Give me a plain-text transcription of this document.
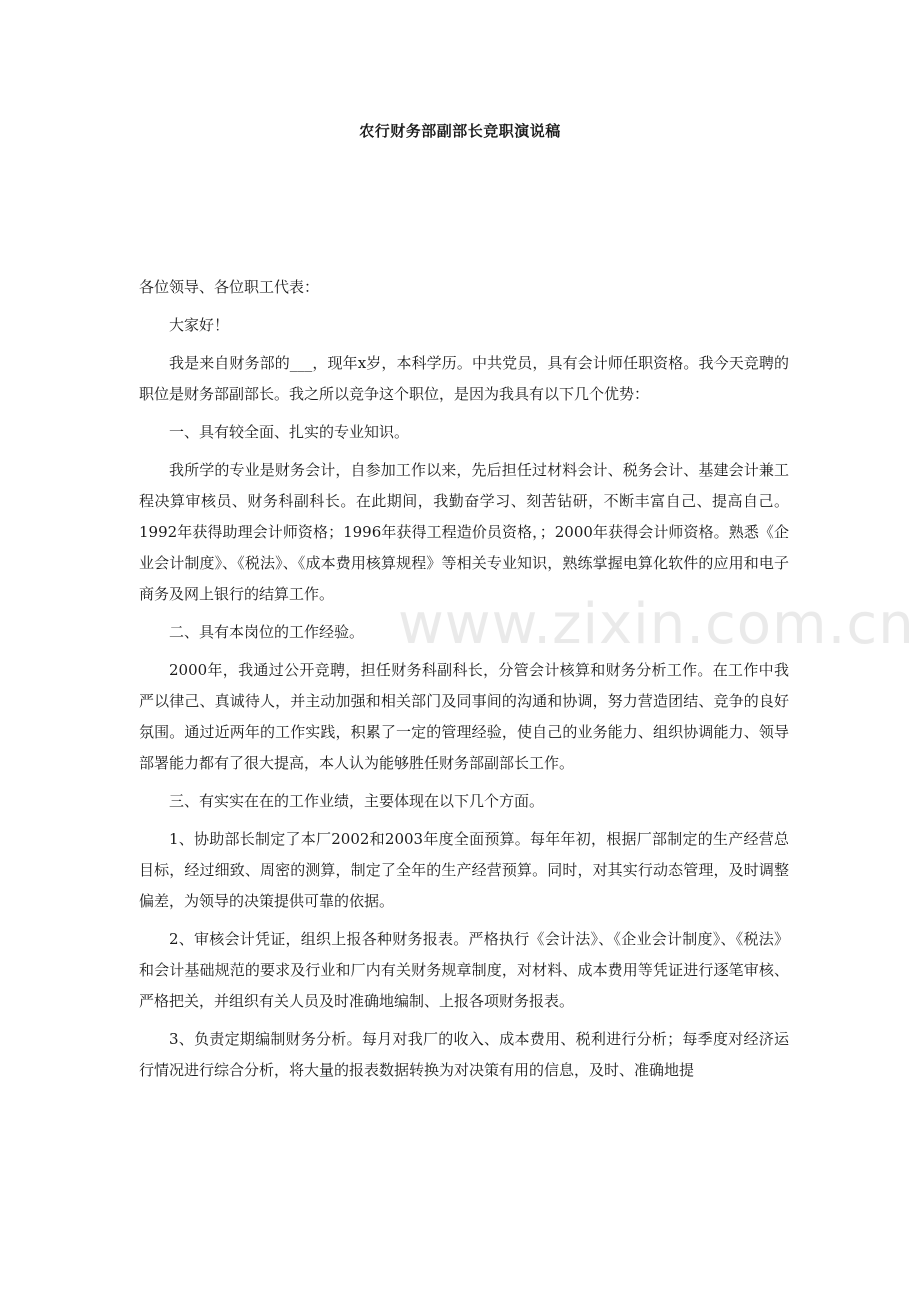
农行财务部副部长竞职演说稿

各位领导、各位职工代表：

大家好！

我是来自财务部的___，现年x岁，本科学历。中共党员，具有会计师任职资格。我今天竞聘的职位是财务部副部长。我之所以竞争这个职位，是因为我具有以下几个优势：

一、具有较全面、扎实的专业知识。

我所学的专业是财务会计，自参加工作以来，先后担任过材料会计、税务会计、基建会计兼工程决算审核员、财务科副科长。在此期间，我勤奋学习、刻苦钻研，不断丰富自己、提高自己。1992年获得助理会计师资格；1996年获得工程造价员资格，；2000年获得会计师资格。熟悉《企业会计制度》、《税法》、《成本费用核算规程》等相关专业知识，熟练掌握电算化软件的应用和电子商务及网上银行的结算工作。

二、具有本岗位的工作经验。

2000年，我通过公开竞聘，担任财务科副科长，分管会计核算和财务分析工作。在工作中我严以律己、真诚待人，并主动加强和相关部门及同事间的沟通和协调，努力营造团结、竞争的良好氛围。通过近两年的工作实践，积累了一定的管理经验，使自己的业务能力、组织协调能力、领导部署能力都有了很大提高，本人认为能够胜任财务部副部长工作。

三、有实实在在的工作业绩，主要体现在以下几个方面。

1、协助部长制定了本厂2002和2003年度全面预算。每年年初，根据厂部制定的生产经营总目标，经过细致、周密的测算，制定了全年的生产经营预算。同时，对其实行动态管理，及时调整偏差，为领导的决策提供可靠的依据。

2、审核会计凭证，组织上报各种财务报表。严格执行《会计法》、《企业会计制度》、《税法》和会计基础规范的要求及行业和厂内有关财务规章制度，对材料、成本费用等凭证进行逐笔审核、严格把关，并组织有关人员及时准确地编制、上报各项财务报表。

3、负责定期编制财务分析。每月对我厂的收入、成本费用、税利进行分析；每季度对经济运行情况进行综合分析，将大量的报表数据转换为对决策有用的信息，及时、准确地提

www.zixin.com.cn
